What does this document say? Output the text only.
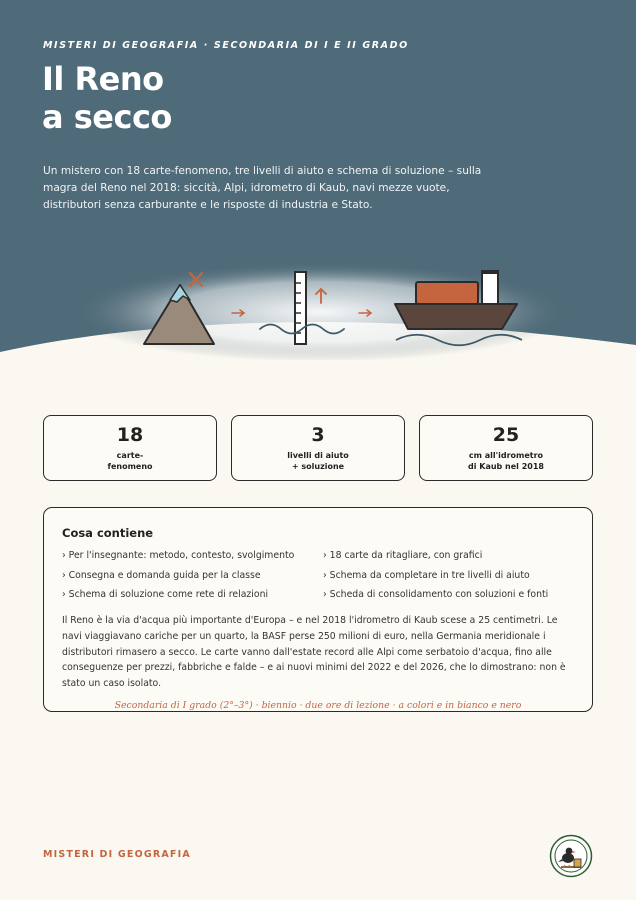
MISTERI DI GEOGRAFIA · SECONDARIA DI I E II GRADO
Il Reno
a secco

Un mistero con 18 carte-fenomeno, tre livelli di aiuto e schema di soluzione – sulla magra del Reno nel 2018: siccità, Alpi, idrometro di Kaub, navi mezze vuote, distributori senza carburante e le risposte di industria e Stato.

18
carte-
fenomeno
3
livelli di aiuto
+ soluzione
25
cm all'idrometro
di Kaub nel 2018
Cosa contiene
› Per l'insegnante: metodo, contesto, svolgimento
› Consegna e domanda guida per la classe
› Schema di soluzione come rete di relazioni
› 18 carte da ritagliare, con grafici
› Schema da completare in tre livelli di aiuto
› Scheda di consolidamento con soluzioni e fonti

Il Reno è la via d'acqua più importante d'Europa – e nel 2018 l'idrometro di Kaub scese a 25 centimetri. Le navi viaggiavano cariche per un quarto, la BASF perse 250 milioni di euro, nella Germania meridionale i distributori rimasero a secco. Le carte vanno dall'estate record alle Alpi come serbatoio d'acqua, fino alle conseguenze per prezzi, fabbriche e falde – e ai nuovi minimi del 2022 e del 2026, che lo dimostrano: non è stato un caso isolato.

Secondaria di I grado (2°–3°) · biennio · due ore di lezione · a colori e in bianco e nero

MISTERI DI GEOGRAFIA
